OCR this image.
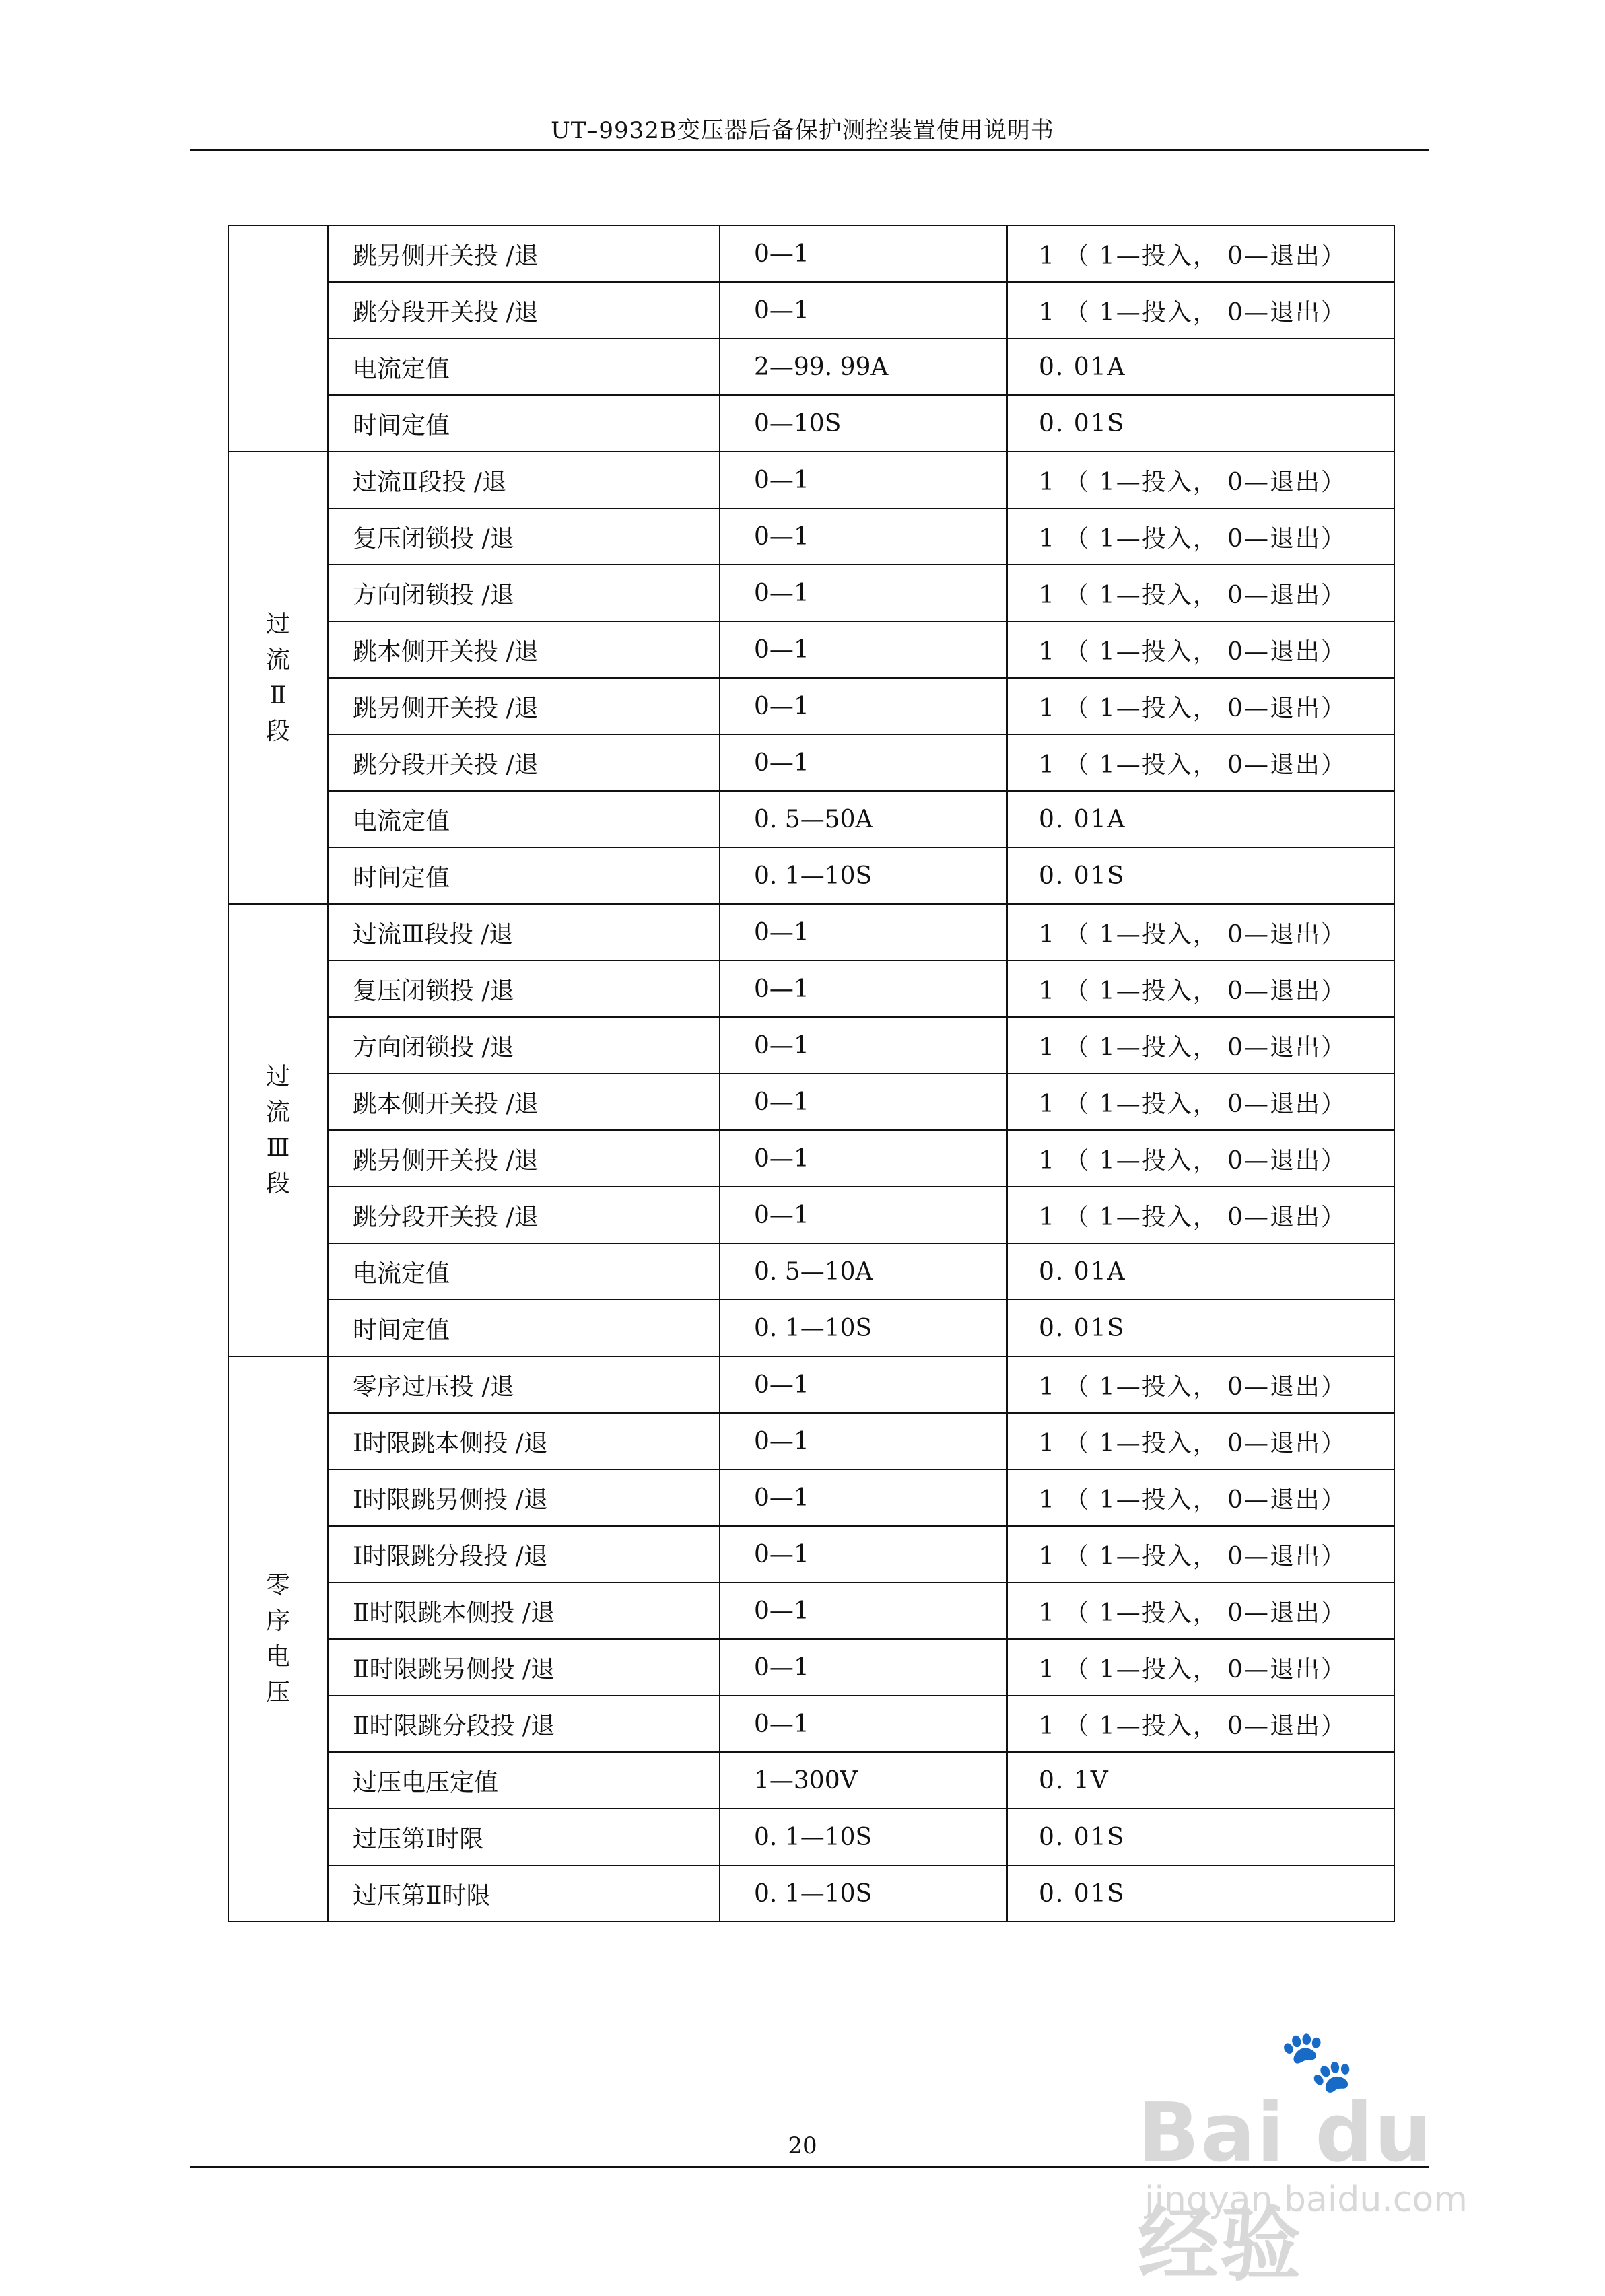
UT–9932B变压器后备保护测控装置使用说明书
	跳另侧开关投 /退	0—1	1 （ 1—投入， 0—退出）
	跳分段开关投 /退	0—1	1 （ 1—投入， 0—退出）
	电流定值	2—99. 99A	0. 01A
	时间定值	0—10S	0. 01S

过
流
Ⅱ
段	过流Ⅱ段投 /退	0—1	1 （ 1—投入， 0—退出）
	复压闭锁投 /退	0—1	1 （ 1—投入， 0—退出）
	方向闭锁投 /退	0—1	1 （ 1—投入， 0—退出）
	跳本侧开关投 /退	0—1	1 （ 1—投入， 0—退出）
	跳另侧开关投 /退	0—1	1 （ 1—投入， 0—退出）
	跳分段开关投 /退	0—1	1 （ 1—投入， 0—退出）
	电流定值	0. 5—50A	0. 01A
	时间定值	0. 1—10S	0. 01S

过
流
Ⅲ
段	过流Ⅲ段投 /退	0—1	1 （ 1—投入， 0—退出）
	复压闭锁投 /退	0—1	1 （ 1—投入， 0—退出）
	方向闭锁投 /退	0—1	1 （ 1—投入， 0—退出）
	跳本侧开关投 /退	0—1	1 （ 1—投入， 0—退出）
	跳另侧开关投 /退	0—1	1 （ 1—投入， 0—退出）
	跳分段开关投 /退	0—1	1 （ 1—投入， 0—退出）
	电流定值	0. 5—10A	0. 01A
	时间定值	0. 1—10S	0. 01S

零
序
电
压	零序过压投 /退	0—1	1 （ 1—投入， 0—退出）
	Ⅰ时限跳本侧投 /退	0—1	1 （ 1—投入， 0—退出）
	Ⅰ时限跳另侧投 /退	0—1	1 （ 1—投入， 0—退出）
	Ⅰ时限跳分段投 /退	0—1	1 （ 1—投入， 0—退出）
	Ⅱ时限跳本侧投 /退	0—1	1 （ 1—投入， 0—退出）
	Ⅱ时限跳另侧投 /退	0—1	1 （ 1—投入， 0—退出）
	Ⅱ时限跳分段投 /退	0—1	1 （ 1—投入， 0—退出）
	过压电压定值	1—300V	0. 1V
	过压第Ⅰ时限	0. 1—10S	0. 01S
	过压第Ⅱ时限	0. 1—10S	0. 01S
20
🐾
Bai du 经验
jingyan.baidu.com
